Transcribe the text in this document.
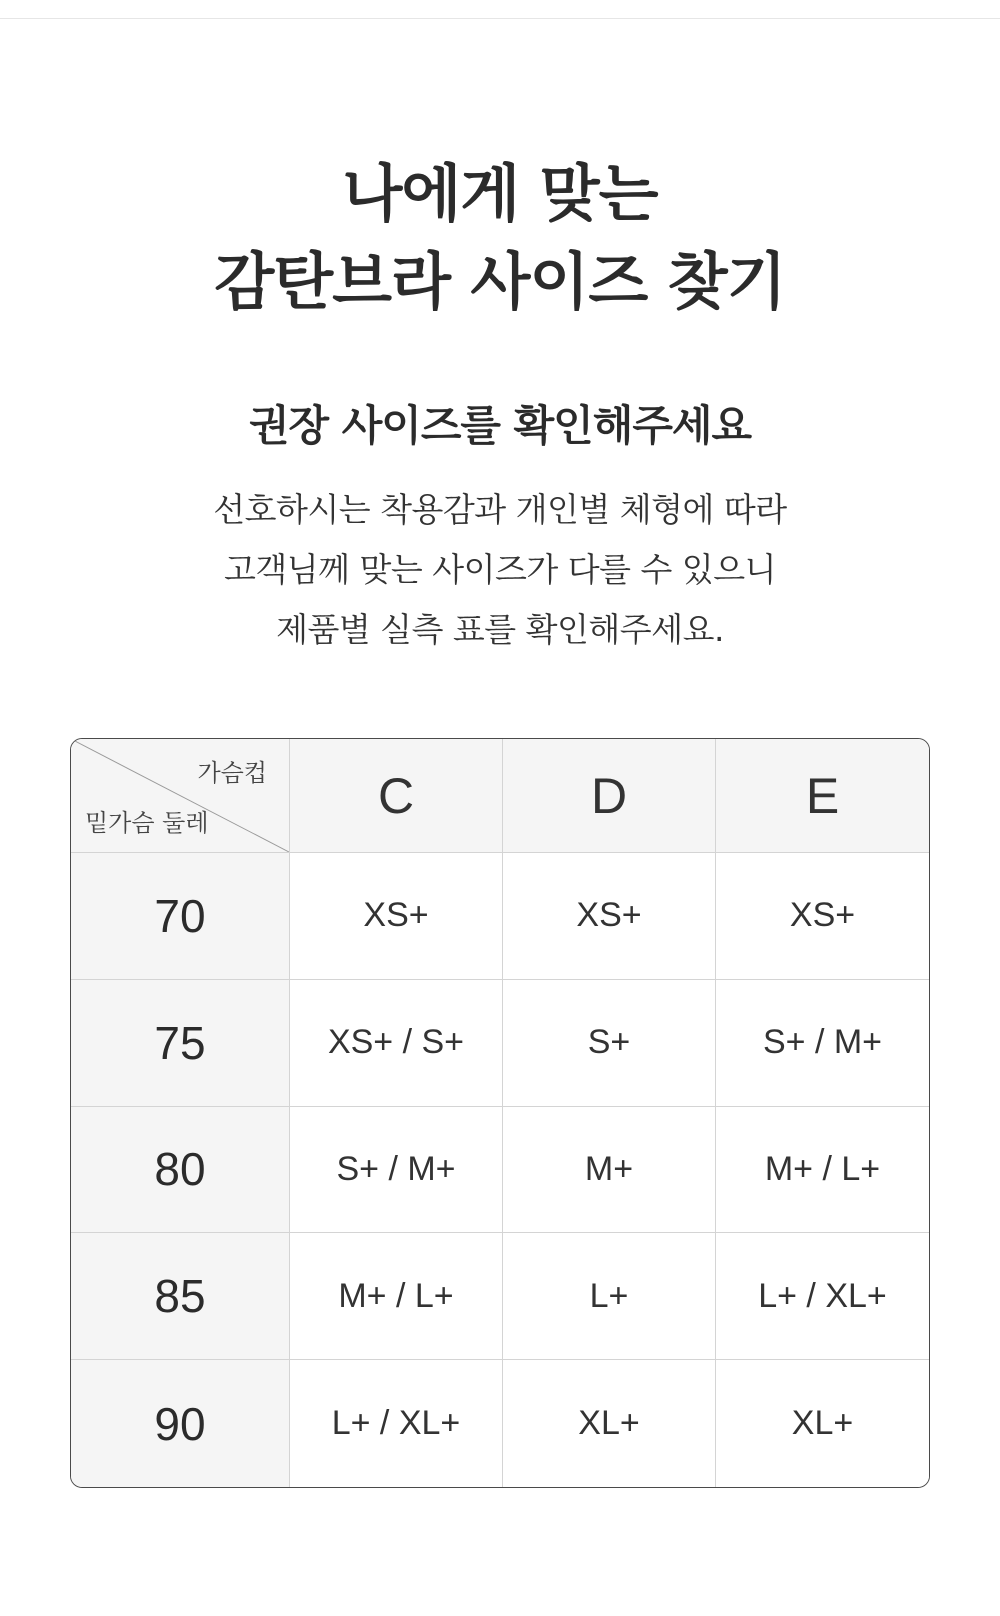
나에게 맞는
감탄브라 사이즈 찾기
권장 사이즈를 확인해주세요

선호하시는 착용감과 개인별 체형에 따라
고객님께 맞는 사이즈가 다를 수 있으니
제품별 실측 표를 확인해주세요.

가슴컵
밑가슴 둘레	C	D	E
70	XS+	XS+	XS+
75	XS+ / S+	S+	S+ / M+
80	S+ / M+	M+	M+ / L+
85	M+ / L+	L+	L+ / XL+
90	L+ / XL+	XL+	XL+
